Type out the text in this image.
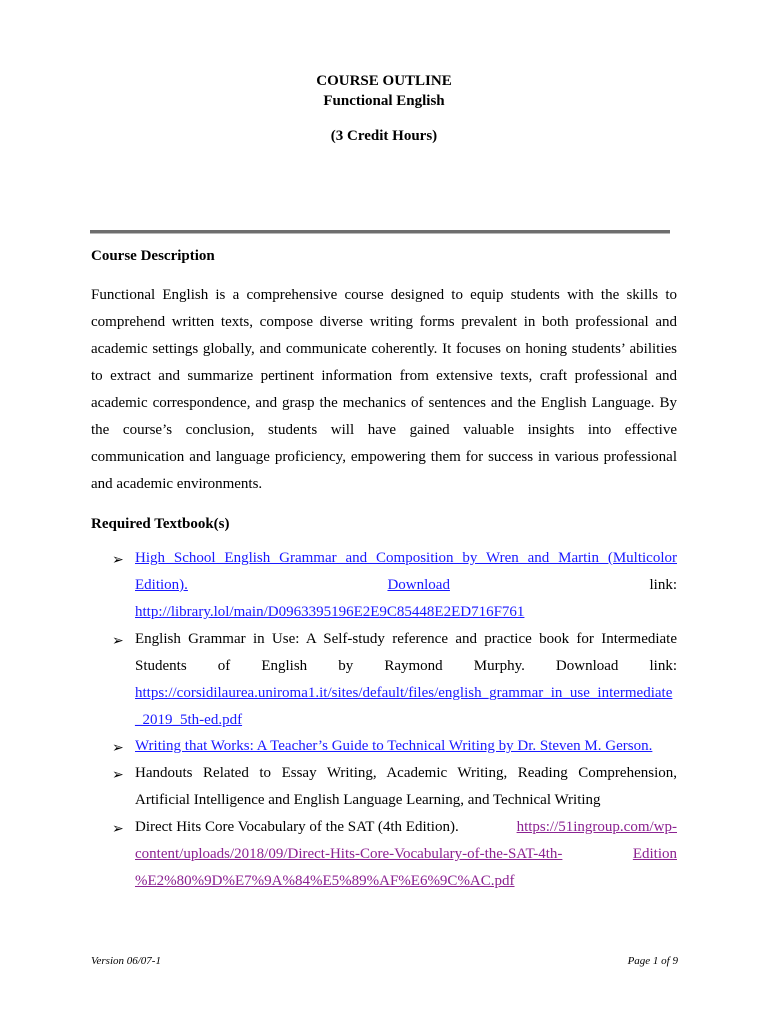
COURSE OUTLINE
Functional English
(3 Credit Hours)
Course Description
Functional English is a comprehensive course designed to equip students with the skills to
comprehend written texts, compose diverse writing forms prevalent in both professional and
academic settings globally, and communicate coherently. It focuses on honing students’ abilities
to extract and summarize pertinent information from extensive texts, craft professional and
academic correspondence, and grasp the mechanics of sentences and the English Language. By
the course’s conclusion, students will have gained valuable insights into effective
communication and language proficiency, empowering them for success in various professional
and academic environments.
Required Textbook(s)
➢ High School English Grammar and Composition by Wren and Martin (Multicolor
Edition).	Download	link:
http://library.lol/main/D0963395196E2E9C85448E2ED716F761
➢ English Grammar in Use: A Self-study reference and practice book for Intermediate
Students of English by Raymond Murphy. Download link:
https://corsidilaurea.uniroma1.it/sites/default/files/english_grammar_in_use_intermediate
_2019_5th-ed.pdf
➢ Writing that Works: A Teacher’s Guide to Technical Writing by Dr. Steven M. Gerson.
➢ Handouts Related to Essay Writing, Academic Writing, Reading Comprehension,
Artificial Intelligence and English Language Learning, and Technical Writing
➢ Direct Hits Core Vocabulary of the SAT (4th Edition).	https://51ingroup.com/wp-
content/uploads/2018/09/Direct-Hits-Core-Vocabulary-of-the-SAT-4th-	Edition
%E2%80%9D%E7%9A%84%E5%89%AF%E6%9C%AC.pdf
Version 06/07-1	Page 1 of 9
